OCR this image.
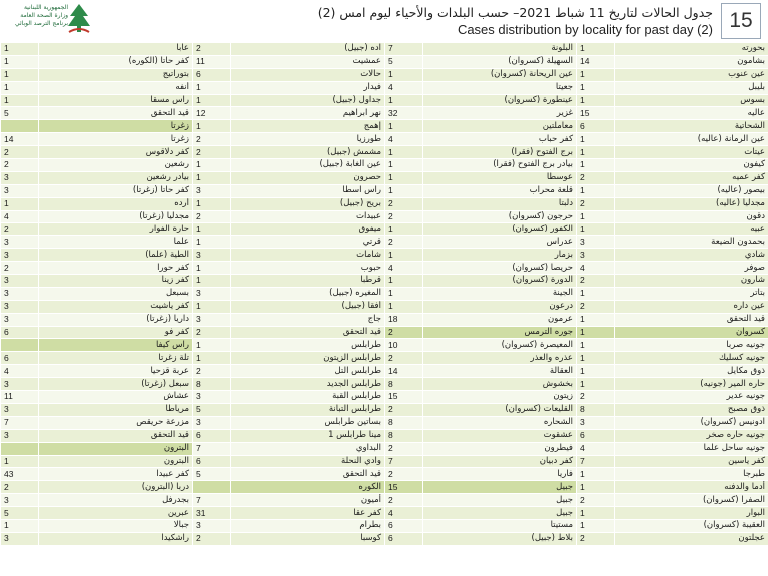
15
جدول الحالات لتاريخ 11 شباط 2021– حسب البلدات والأحياء ليوم امس (2)
Cases distribution by locality for past day (2)
الجمهورية اللبنانية
وزارة الصحة العامة
برنامج الترصد الوبائي
1	عابا	2	اده (جبيل)	7	البلونة	1	بحورته
1	كفر حاتا (الكوره)	11	عمشيت	5	السهيلة (كسروان)	14	بشامون
1	بتوراتيج	6	حالات	1	عين الريحانة (كسروان)	1	عين عنوب
1	أنفه	1	فيدار	4	جعيتا	1	بليبل
1	راس مسقا	1	جداول (جبيل)	1	عينطورة (كسروان)	1	بسوس
5	قيد التحقق	12	نهر ابراهيم	32	غزير	15	عاليه
	زغرتا	1	إهمج	1	معاملتين	6	الشحاتية
14	زغرتا	2	طورزيا	4	كفر حباب	1	عين الرمانة (عاليه)
2	كفر دلاقوس	2	مشمش (جبيل)	1	برج الفتوح (فقرا)	1	عيتات
2	رشعين	1	عين الغابة (جبيل)	1	بيادر برج الفتوح (فقرا)	1	كيفون
3	بيادر رشعين	1	حصرون	1	عوسطا	2	كفر عميه
3	كفر حاتا (زغرتا)	3	راس اسطا	1	قلعة محراب	1	بيصور (عاليه)
1	أرده	1	بريح (جبيل)	2	دلبتا	2	مجدليا (عاليه)
4	مجدليا (زغرتا)	2	عبيدات	2	حرجون (كسروان)	1	دقون
2	حارة الفوار	1	ميفوق	1	الكفور (كسروان)	1	عبيه
3	علما	1	قرتي	2	عدراس	3	بحمدون الضيعة
3	الطية (علما)	3	شامات	1	بزمار	3	شادي
2	كفر حورا	1	حبوب	4	حريصا (كسروان)	4	صوفر
3	كفر زينا	1	قرطبا	1	الدورة (كسروان)	2	شارون
3	بسبعل	3	المغيره (جبيل)	1	الجينة	1	بتاتر
3	كفر ياشيت	1	أفقا (جبيل)	1	درعون	2	عين داره
3	داريا (زغرتا)	3	جاج	18	عرمون	1	قيد التحقق
6	كفر فو	2	قيد التحقق	2	جوره الترمس	1	كسروان
	راس كيفا	1	طرابلس	10	المعيصرة (كسروان)	1	جونيه صربا
6	تلة زغرتا	1	طرابلس الزيتون	2	عذره والعذر	1	جونيه كسليك
4	عربة قزحيا	2	طرابلس التل	14	العقالة	1	ذوق مكايل
3	سبعل (زغرتا)	8	طرابلس الجديد	8	بخشوش	1	حاره المير (جونيه)
11	عشاش	3	طرابلس القبة	15	زيتون	2	جونيه عدير
3	مرياطا	5	طرابلس التبانة	2	القليعات (كسروان)	8	ذوق مصبح
7	مزرعة حريقص	3	بساتين طرابلس	8	الشحاره	3	ادونيس (كسروان)
3	قيد التحقق	6	مينا طرابلس 1	8	عشقوت	6	جونيه حاره صخر
	البترون	7	البداوي	2	فيطرون	4	جونيه ساحل علما
1	البترون	6	وادي النحلة	7	كفر دبيان	7	كفر ياسين
43	كفر عبيدا	5	قيد التحقق	2	فاريا	1	طبرجا
2	دربا (البترون)		الكوره	15	جبيل	1	أدما والدفنه
3	بجدرفل	7	أميون	2	جبيل	2	الصفرا (كسروان)
5	عبرين	31	كفر عقا	4	جبيل	1	البوار
1	جبالا	3	بطرام	6	مستيتا	1	العقيبة (كسروان)
3	راشكيدا	2	كوسبا	6	بلاط (جبيل)	2	عجلتون
